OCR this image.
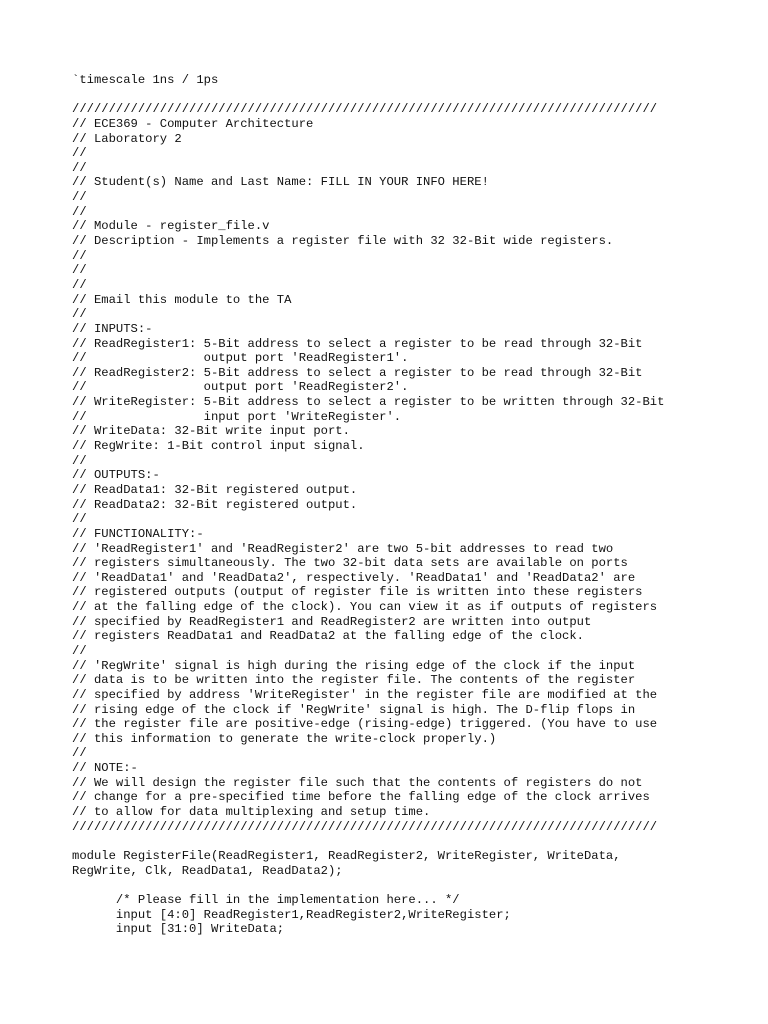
`timescale 1ns / 1ps
////////////////////////////////////////////////////////////////////////////////
// ECE369 - Computer Architecture
// Laboratory 2
//
//
// Student(s) Name and Last Name: FILL IN YOUR INFO HERE!
//
//
// Module - register_file.v
// Description - Implements a register file with 32 32-Bit wide registers.
//
//
//
// Email this module to the TA
//
// INPUTS:-
// ReadRegister1: 5-Bit address to select a register to be read through 32-Bit
//                output port 'ReadRegister1'.
// ReadRegister2: 5-Bit address to select a register to be read through 32-Bit
//                output port 'ReadRegister2'.
// WriteRegister: 5-Bit address to select a register to be written through 32-Bit
//                input port 'WriteRegister'.
// WriteData: 32-Bit write input port.
// RegWrite: 1-Bit control input signal.
//
// OUTPUTS:-
// ReadData1: 32-Bit registered output.
// ReadData2: 32-Bit registered output.
//
// FUNCTIONALITY:-
// 'ReadRegister1' and 'ReadRegister2' are two 5-bit addresses to read two
// registers simultaneously. The two 32-bit data sets are available on ports
// 'ReadData1' and 'ReadData2', respectively. 'ReadData1' and 'ReadData2' are
// registered outputs (output of register file is written into these registers
// at the falling edge of the clock). You can view it as if outputs of registers
// specified by ReadRegister1 and ReadRegister2 are written into output
// registers ReadData1 and ReadData2 at the falling edge of the clock.
//
// 'RegWrite' signal is high during the rising edge of the clock if the input
// data is to be written into the register file. The contents of the register
// specified by address 'WriteRegister' in the register file are modified at the
// rising edge of the clock if 'RegWrite' signal is high. The D-flip flops in
// the register file are positive-edge (rising-edge) triggered. (You have to use
// this information to generate the write-clock properly.)
//
// NOTE:-
// We will design the register file such that the contents of registers do not
// change for a pre-specified time before the falling edge of the clock arrives
// to allow for data multiplexing and setup time.
////////////////////////////////////////////////////////////////////////////////
module RegisterFile(ReadRegister1, ReadRegister2, WriteRegister, WriteData,
RegWrite, Clk, ReadData1, ReadData2);
/* Please fill in the implementation here... */
input [4:0] ReadRegister1,ReadRegister2,WriteRegister;
input [31:0] WriteData;
